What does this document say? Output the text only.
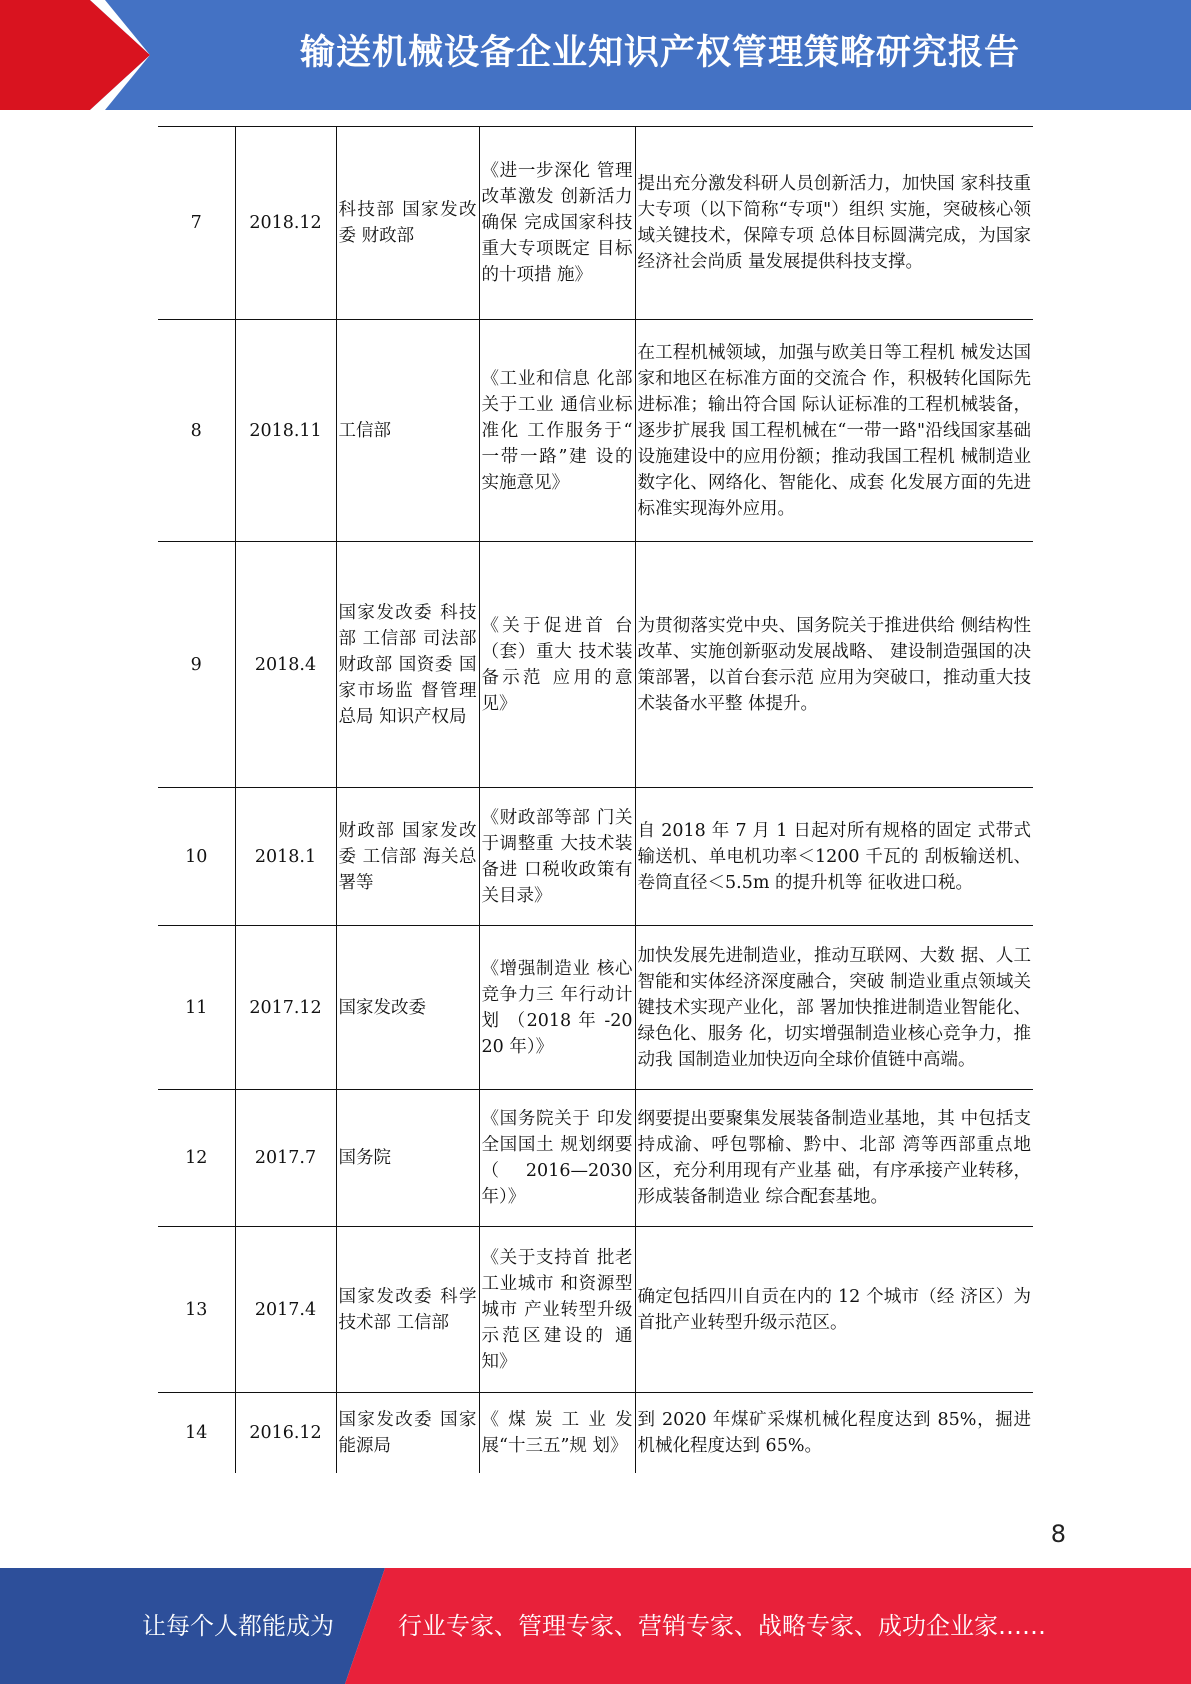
输送机械设备企业知识产权管理策略研究报告
7	2018.12	科技部 国家发改委 财政部	《进一步深化 管理改革激发 创新活力确保 完成国家科技 重大专项既定 目标的十项措 施》	提出充分激发科研人员创新活力，加快国 家科技重大专项（以下简称“专项"）组织 实施，突破核心领域关键技术，保障专项 总体目标圆满完成，为国家经济社会尚质 量发展提供科技支撑。
8	2018.11	工信部	《工业和信息 化部关于工业 通信业标准化 工作服务于“ 一带一路”建 设的实施意见》	在工程机械领域，加强与欧美日等工程机 械发达国家和地区在标准方面的交流合 作，积极转化国际先进标准；输出符合国 际认证标准的工程机械装备，逐步扩展我 国工程机械在“一带一路"沿线国家基础 设施建设中的应用份额；推动我国工程机 械制造业数字化、网络化、智能化、成套 化发展方面的先进标准实现海外应用。
9	2018.4	国家发改委 科技部 工信部 司法部 财政部 国资委 国家市场监 督管理总局 知识产权局	《关于促进首 台（套）重大 技术装备示范 应用的意见》	为贯彻落实党中央、国务院关于推进供给 侧结构性改革、实施创新驱动发展战略、 建设制造强国的决策部署，以首台套示范 应用为突破口，推动重大技术装备水平整 体提升。
10	2018.1	财政部 国家发改委 工信部 海关总署等	《财政部等部 门关于调整重 大技术装备进 口税收政策有 关目录》	自 2018 年 7 月 1 日起对所有规格的固定 式带式输送机、单电机功率＜1200 千瓦的 刮板输送机、卷筒直径＜5.5m 的提升机等 征收进口税。
11	2017.12	国家发改委	《增强制造业 核心竞争力三 年行动计划 （2018 年 -2020 年）》	加快发展先进制造业，推动互联网、大数 据、人工智能和实体经济深度融合，突破 制造业重点领域关键技术实现产业化，部 署加快推进制造业智能化、绿色化、服务 化，切实增强制造业核心竞争力，推动我 国制造业加快迈向全球价值链中高端。
12	2017.7	国务院	《国务院关于 印发全国国土 规划纲要 （ 2016—2030 年）》	纲要提出要聚集发展装备制造业基地，其 中包括支持成渝、呼包鄂榆、黔中、北部 湾等西部重点地区，充分利用现有产业基 础，有序承接产业转移，形成装备制造业 综合配套基地。
13	2017.4	国家发改委 科学技术部 工信部	《关于支持首 批老工业城市 和资源型城市 产业转型升级 示范区建设的 通知》	确定包括四川自贡在内的 12 个城市（经 济区）为首批产业转型升级示范区。
14	2016.12	国家发改委 国家能源局	《煤炭工业发 展“十三五”规 划》	到 2020 年煤矿采煤机械化程度达到 85%，掘进机械化程度达到 65%。
8
让每个人都能成为	行业专家、管理专家、营销专家、战略专家、成功企业家……
